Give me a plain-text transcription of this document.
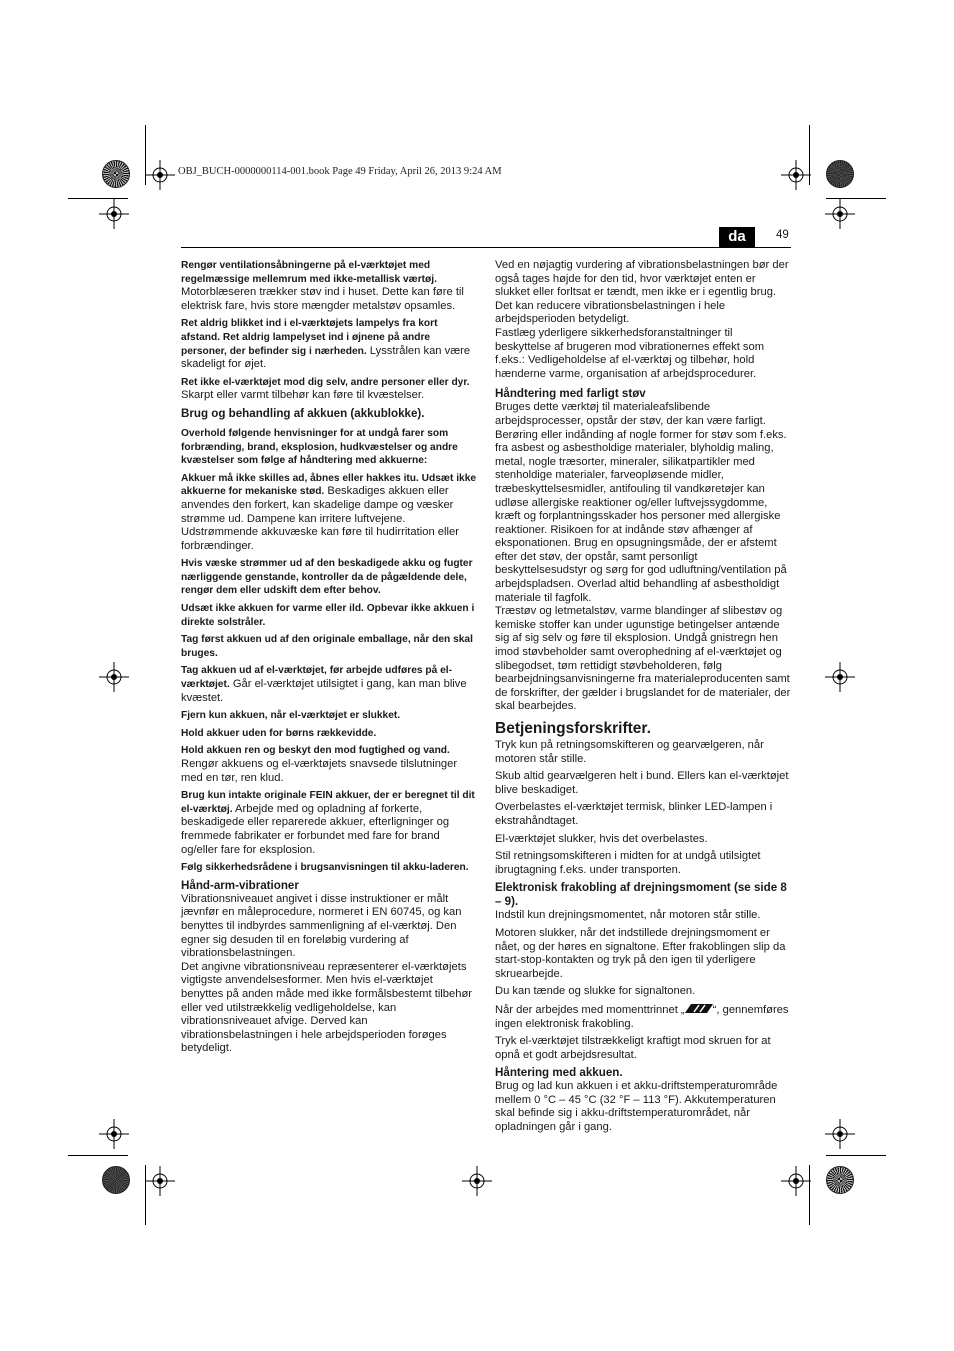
OBJ_BUCH-0000000114-001.book Page 49 Friday, April 26, 2013 9:24 AM
da	49

Rengør ventilationsåbningerne på el-værktøjet med regelmæssige mellemrum med ikke-metallisk værtøj. Motorblæseren trækker støv ind i huset. Dette kan føre til elektrisk fare, hvis store mængder metalstøv opsamles.

Ret aldrig blikket ind i el-værktøjets lampelys fra kort afstand. Ret aldrig lampelyset ind i øjnene på andre personer, der befinder sig i nærheden. Lysstrålen kan være skadeligt for øjet.

Ret ikke el-værktøjet mod dig selv, andre personer eller dyr. Skarpt eller varmt tilbehør kan føre til kvæstelser.

Brug og behandling af akkuen (akkublokke).

Overhold følgende henvisninger for at undgå farer som forbrænding, brand, eksplosion, hudkvæstelser og andre kvæstelser som følge af håndtering med akkuerne:

Akkuer må ikke skilles ad, åbnes eller hakkes itu. Udsæt ikke akkuerne for mekaniske stød. Beskadiges akkuen eller anvendes den forkert, kan skadelige dampe og væsker strømme ud. Dampene kan irritere luftvejene. Udstrømmende akkuvæske kan føre til hudirritation eller forbrændinger.

Hvis væske strømmer ud af den beskadigede akku og fugter nærliggende genstande, kontroller da de pågældende dele, rengør dem eller udskift dem efter behov.

Udsæt ikke akkuen for varme eller ild. Opbevar ikke akkuen i direkte solstråler.

Tag først akkuen ud af den originale emballage, når den skal bruges.

Tag akkuen ud af el-værktøjet, før arbejde udføres på el-værktøjet. Går el-værktøjet utilsigtet i gang, kan man blive kvæstet.

Fjern kun akkuen, når el-værktøjet er slukket.

Hold akkuer uden for børns rækkevidde.

Hold akkuen ren og beskyt den mod fugtighed og vand. Rengør akkuens og el-værktøjets snavsede tilslutninger med en tør, ren klud.

Brug kun intakte originale FEIN akkuer, der er beregnet til dit el-værktøj. Arbejde med og opladning af forkerte, beskadigede eller reparerede akkuer, efterligninger og fremmede fabrikater er forbundet med fare for brand og/eller fare for eksplosion.

Følg sikkerhedsrådene i brugsanvisningen til akku-laderen.

Hånd-arm-vibrationer

Vibrationsniveauet angivet i disse instruktioner er målt jævnfør en måleprocedure, normeret i EN 60745, og kan benyttes til indbyrdes sammenligning af el-værktøj. Den egner sig desuden til en foreløbig vurdering af vibrationsbelastningen.

Det angivne vibrationsniveau repræsenterer el-værktøjets vigtigste anvendelsesformer. Men hvis el-værktøjet benyttes på anden måde med ikke formålsbestemt tilbehør eller ved utilstrækkelig vedligeholdelse, kan vibrationsniveauet afvige. Derved kan vibrationsbelastningen i hele arbejdsperioden forøges betydeligt.

Ved en nøjagtig vurdering af vibrationsbelastningen bør der også tages højde for den tid, hvor værktøjet enten er slukket eller forltsat er tændt, men ikke er i egentlig brug. Det kan reducere vibrationsbelastningen i hele arbejdsperioden betydeligt.

Fastlæg yderligere sikkerhedsforanstaltninger til beskyttelse af brugeren mod vibrationernes effekt som f.eks.: Vedligeholdelse af el-værktøj og tilbehør, hold hænderne varme, organisation af arbejdsprocedurer.

Håndtering med farligt støv

Bruges dette værktøj til materialeafslibende arbejdsprocesser, opstår der støv, der kan være farligt.

Berøring eller indånding af nogle former for støv som f.eks. fra asbest og asbestholdige materialer, blyholdig maling, metal, nogle træsorter, mineraler, silikatpartikler med stenholdige materialer, farveopløsende midler, træbeskyttelsesmidler, antifouling til vandkøretøjer kan udløse allergiske reaktioner og/eller luftvejssygdomme, kræft og forplantningsskader hos personer med allergiske reaktioner. Risikoen for at indånde støv afhænger af eksponationen. Brug en opsugningsmåde, der er afstemt efter det støv, der opstår, samt personligt beskyttelsesudstyr og sørg for god udluftning/ventilation på arbejdspladsen. Overlad altid behandling af asbestholdigt materiale til fagfolk.

Træstøv og letmetalstøv, varme blandinger af slibestøv og kemiske stoffer kan under ugunstige betingelser antænde sig af sig selv og føre til eksplosion. Undgå gnistregn hen imod støvbeholder samt overophedning af el-værktøjet og slibegodset, tøm rettidigt støvbeholderen, følg bearbejdningsanvisningerne fra materialeproducenten samt de forskrifter, der gælder i brugslandet for de materialer, der skal bearbejdes.

Betjeningsforskrifter.

Tryk kun på retningsomskifteren og gearvælgeren, når motoren står stille.

Skub altid gearvælgeren helt i bund. Ellers kan el-værktøjet blive beskadiget.

Overbelastes el-værktøjet termisk, blinker LED-lampen i ekstrahåndtaget.

El-værktøjet slukker, hvis det overbelastes.

Stil retningsomskifteren i midten for at undgå utilsigtet ibrugtagning f.eks. under transporten.

Elektronisk frakobling af drejningsmoment (se side 8 – 9).

Indstil kun drejningsmomentet, når motoren står stille.

Motoren slukker, når det indstillede drejningsmoment er nået, og der høres en signaltone. Efter frakoblingen slip da start-stop-kontakten og tryk på den igen til yderligere skruearbejde.

Du kan tænde og slukke for signaltonen.

Når der arbejdes med momenttrinnet „	“, gennemføres ingen elektronisk frakobling.

Tryk el-værktøjet tilstrækkeligt kraftigt mod skruen for at opnå et godt arbejdsresultat.

Håntering med akkuen.

Brug og lad kun akkuen i et akku-driftstemperaturområde mellem 0 °C – 45 °C (32 °F – 113 °F). Akkutemperaturen skal befinde sig i akku-driftstemperaturområdet, når opladningen går i gang.
